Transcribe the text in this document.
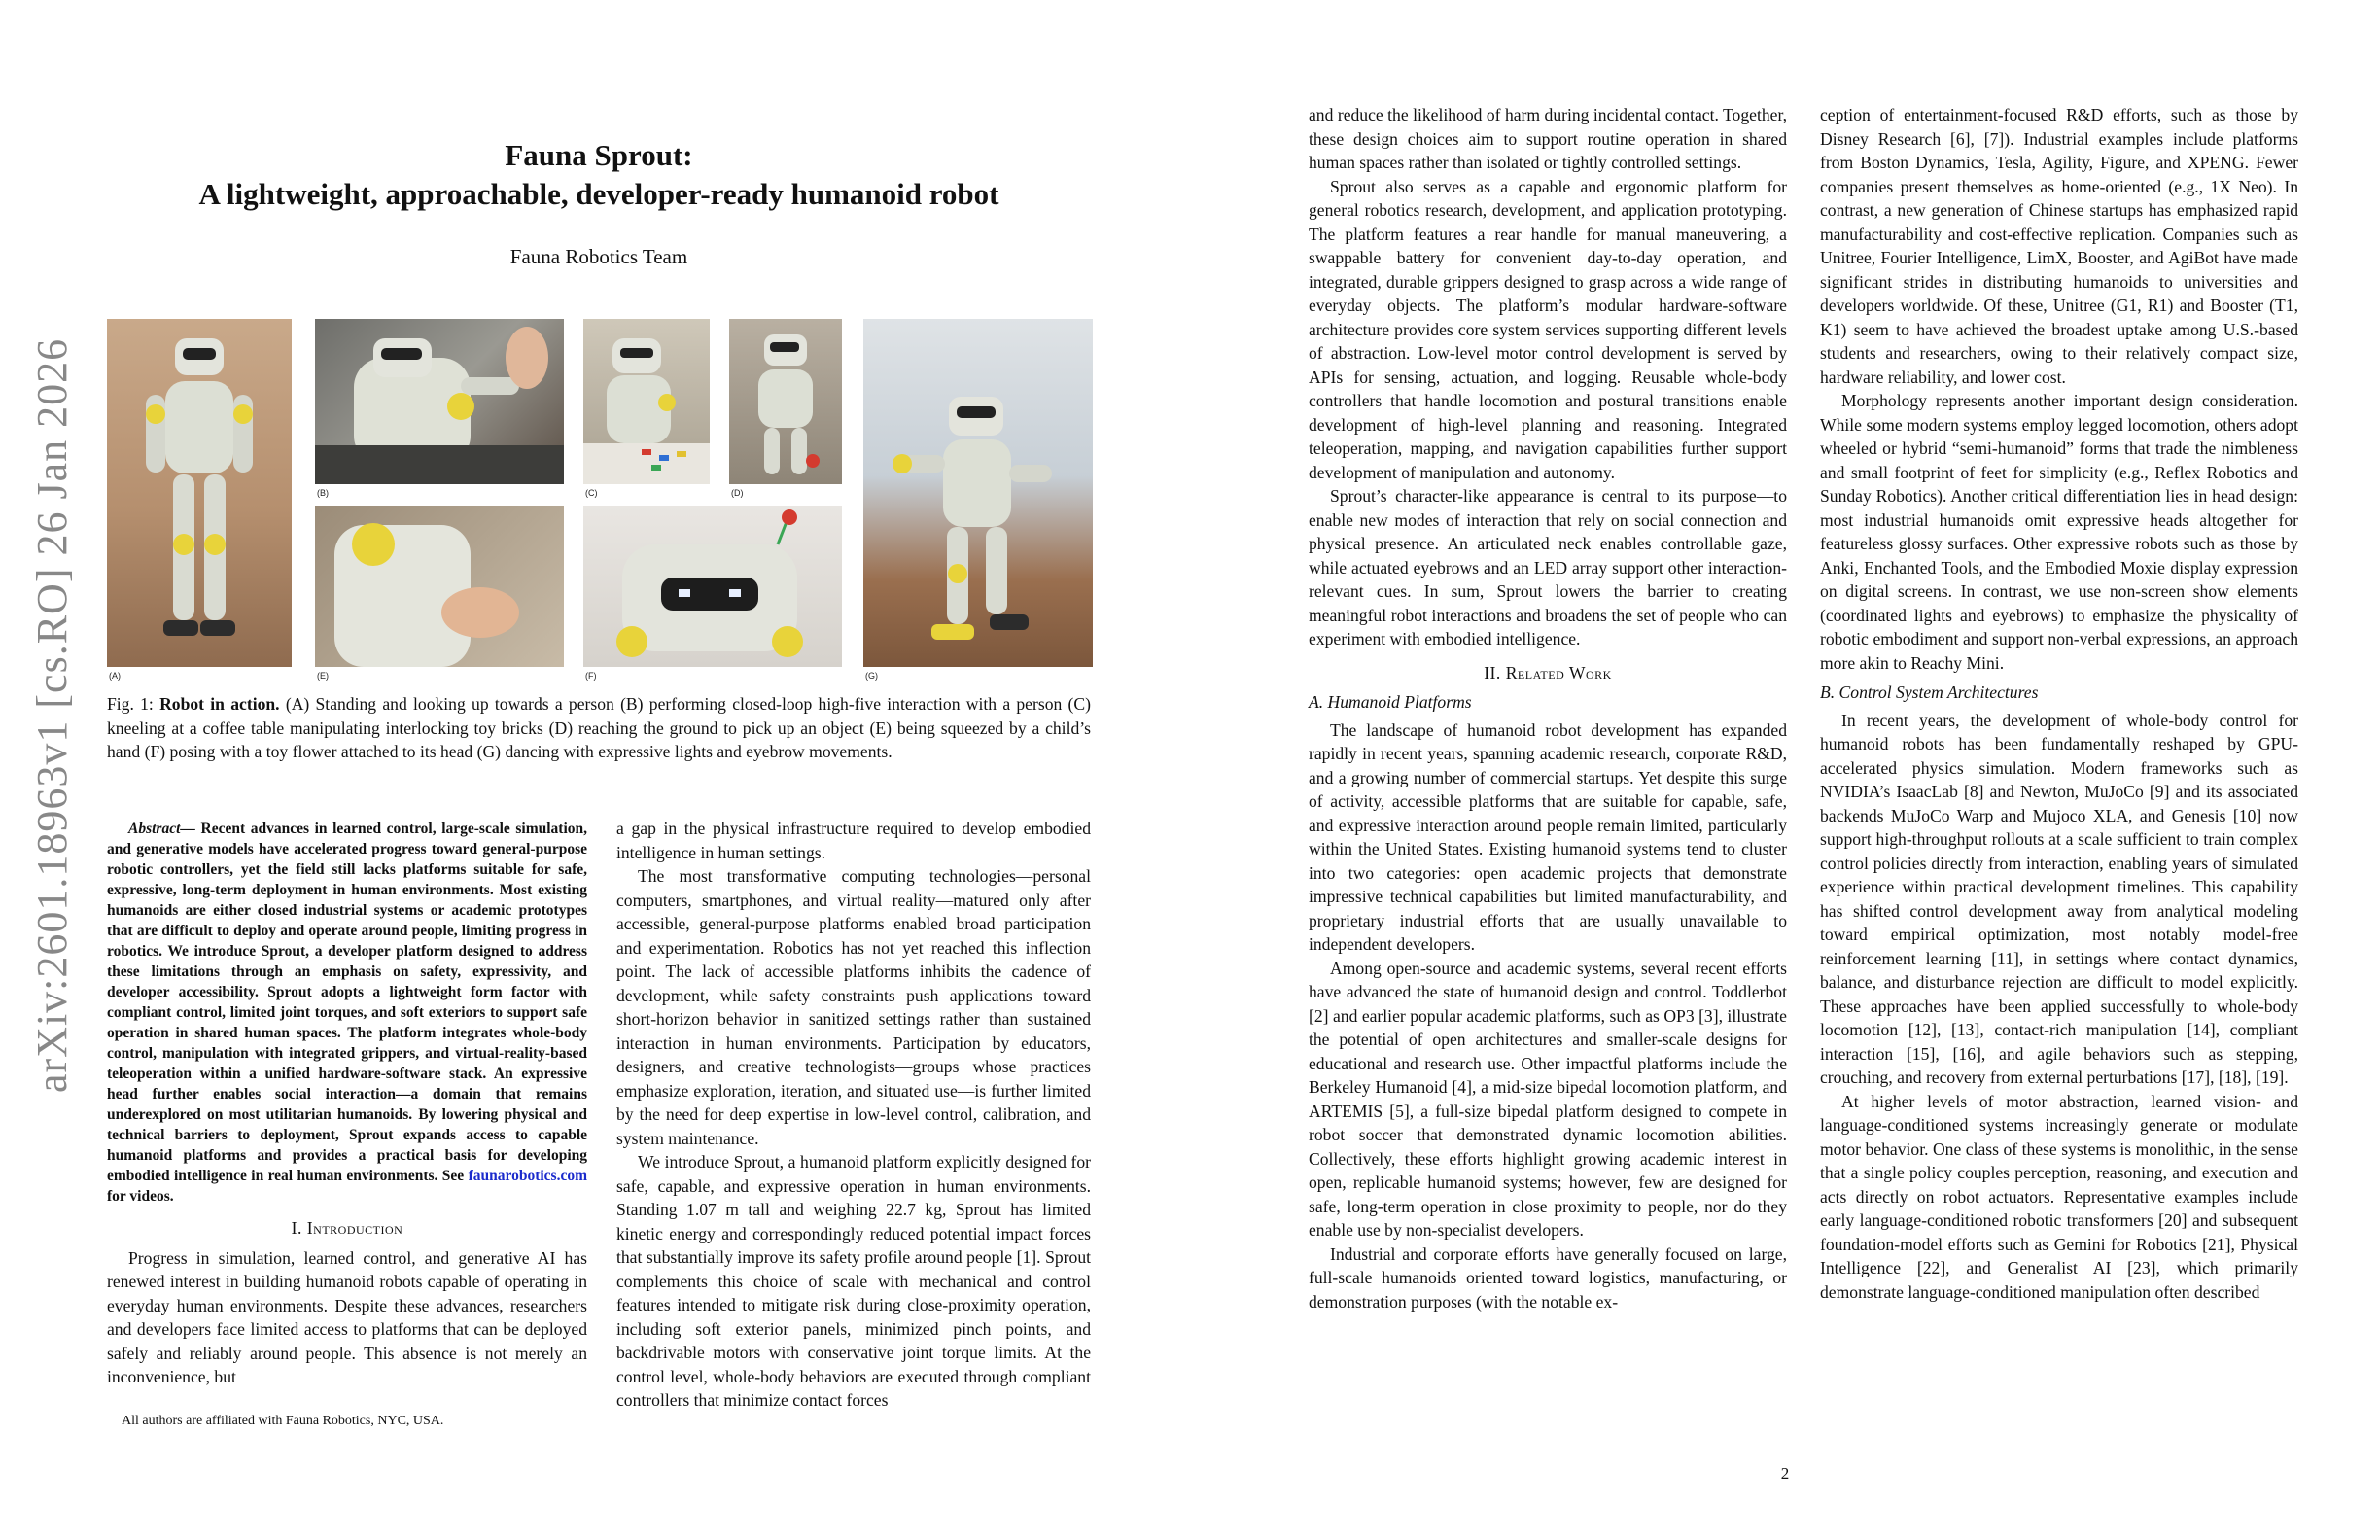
arXiv:2601.18963v1 [cs.RO] 26 Jan 2026
Fauna Sprout:
A lightweight, approachable, developer-ready humanoid robot
Fauna Robotics Team
(A)
(B)	(C)	(D)
(E)	(F)	(G)
Fig. 1: Robot in action. (A) Standing and looking up towards a person (B) performing closed-loop high-five interaction with a person (C) kneeling at a coffee table manipulating interlocking toy bricks (D) reaching the ground to pick up an object (E) being squeezed by a child’s hand (F) posing with a toy flower attached to its head (G) dancing with expressive lights and eyebrow movements.

Abstract— Recent advances in learned control, large-scale simulation, and generative models have accelerated progress toward general-purpose robotic controllers, yet the field still lacks platforms suitable for safe, expressive, long-term deployment in human environments. Most existing humanoids are either closed industrial systems or academic prototypes that are difficult to deploy and operate around people, limiting progress in robotics. We introduce Sprout, a developer platform designed to address these limitations through an emphasis on safety, expressivity, and developer accessibility. Sprout adopts a lightweight form factor with compliant control, limited joint torques, and soft exteriors to support safe operation in shared human spaces. The platform integrates whole-body control, manipulation with integrated grippers, and virtual-reality-based teleoperation within a unified hardware-software stack. An expressive head further enables social interaction—a domain that remains underexplored on most utilitarian humanoids. By lowering physical and technical barriers to deployment, Sprout expands access to capable humanoid platforms and provides a practical basis for developing embodied intelligence in real human environments. See faunarobotics.com for videos.

I. Introduction

Progress in simulation, learned control, and generative AI has renewed interest in building humanoid robots capable of operating in everyday human environments. Despite these advances, researchers and developers face limited access to platforms that can be deployed safely and reliably around people. This absence is not merely an inconvenience, but

All authors are affiliated with Fauna Robotics, NYC, USA.

a gap in the physical infrastructure required to develop embodied intelligence in human settings.

The most transformative computing technologies—personal computers, smartphones, and virtual reality—matured only after accessible, general-purpose platforms enabled broad participation and experimentation. Robotics has not yet reached this inflection point. The lack of accessible platforms inhibits the cadence of development, while safety constraints push applications toward short-horizon behavior in sanitized settings rather than sustained interaction in human environments. Participation by educators, designers, and creative technologists—groups whose practices emphasize exploration, iteration, and situated use—is further limited by the need for deep expertise in low-level control, calibration, and system maintenance.

We introduce Sprout, a humanoid platform explicitly designed for safe, capable, and expressive operation in human environments. Standing 1.07 m tall and weighing 22.7 kg, Sprout has limited kinetic energy and correspondingly reduced potential impact forces that substantially improve its safety profile around people [1]. Sprout complements this choice of scale with mechanical and control features intended to mitigate risk during close-proximity operation, including soft exterior panels, minimized pinch points, and backdrivable motors with conservative joint torque limits. At the control level, whole-body behaviors are executed through compliant controllers that minimize contact forces

and reduce the likelihood of harm during incidental contact. Together, these design choices aim to support routine operation in shared human spaces rather than isolated or tightly controlled settings.

Sprout also serves as a capable and ergonomic platform for general robotics research, development, and application prototyping. The platform features a rear handle for manual maneuvering, a swappable battery for convenient day-to-day operation, and integrated, durable grippers designed to grasp across a wide range of everyday objects. The platform’s modular hardware-software architecture provides core system services supporting different levels of abstraction. Low-level motor control development is served by APIs for sensing, actuation, and logging. Reusable whole-body controllers that handle locomotion and postural transitions enable development of high-level planning and reasoning. Integrated teleoperation, mapping, and navigation capabilities further support development of manipulation and autonomy.

Sprout’s character-like appearance is central to its purpose—to enable new modes of interaction that rely on social connection and physical presence. An articulated neck enables controllable gaze, while actuated eyebrows and an LED array support other interaction-relevant cues. In sum, Sprout lowers the barrier to creating meaningful robot interactions and broadens the set of people who can experiment with embodied intelligence.

II. Related Work
A. Humanoid Platforms

The landscape of humanoid robot development has expanded rapidly in recent years, spanning academic research, corporate R&D, and a growing number of commercial startups. Yet despite this surge of activity, accessible platforms that are suitable for capable, safe, and expressive interaction around people remain limited, particularly within the United States. Existing humanoid systems tend to cluster into two categories: open academic projects that demonstrate impressive technical capabilities but limited manufacturability, and proprietary industrial efforts that are usually unavailable to independent developers.

Among open-source and academic systems, several recent efforts have advanced the state of humanoid design and control. Toddlerbot [2] and earlier popular academic platforms, such as OP3 [3], illustrate the potential of open architectures and smaller-scale designs for educational and research use. Other impactful platforms include the Berkeley Humanoid [4], a mid-size bipedal locomotion platform, and ARTEMIS [5], a full-size bipedal platform designed to compete in robot soccer that demonstrated dynamic locomotion abilities. Collectively, these efforts highlight growing academic interest in open, replicable humanoid systems; however, few are designed for safe, long-term operation in close proximity to people, nor do they enable use by non-specialist developers.

Industrial and corporate efforts have generally focused on large, full-scale humanoids oriented toward logistics, manufacturing, or demonstration purposes (with the notable ex-

ception of entertainment-focused R&D efforts, such as those by Disney Research [6], [7]). Industrial examples include platforms from Boston Dynamics, Tesla, Agility, Figure, and XPENG. Fewer companies present themselves as home-oriented (e.g., 1X Neo). In contrast, a new generation of Chinese startups has emphasized rapid manufacturability and cost-effective replication. Companies such as Unitree, Fourier Intelligence, LimX, Booster, and AgiBot have made significant strides in distributing humanoids to universities and developers worldwide. Of these, Unitree (G1, R1) and Booster (T1, K1) seem to have achieved the broadest uptake among U.S.-based students and researchers, owing to their relatively compact size, hardware reliability, and lower cost.

Morphology represents another important design consideration. While some modern systems employ legged locomotion, others adopt wheeled or hybrid “semi-humanoid” forms that trade the nimbleness and small footprint of feet for simplicity (e.g., Reflex Robotics and Sunday Robotics). Another critical differentiation lies in head design: most industrial humanoids omit expressive heads altogether for featureless glossy surfaces. Other expressive robots such as those by Anki, Enchanted Tools, and the Embodied Moxie display expression on digital screens. In contrast, we use non-screen show elements (coordinated lights and eyebrows) to emphasize the physicality of robotic embodiment and support non-verbal expressions, an approach more akin to Reachy Mini.

B. Control System Architectures

In recent years, the development of whole-body control for humanoid robots has been fundamentally reshaped by GPU-accelerated physics simulation. Modern frameworks such as NVIDIA’s IsaacLab [8] and Newton, MuJoCo [9] and its associated backends MuJoCo Warp and Mujoco XLA, and Genesis [10] now support high-throughput rollouts at a scale sufficient to train complex control policies directly from interaction, enabling years of simulated experience within practical development timelines. This capability has shifted control development away from analytical modeling toward empirical optimization, most notably model-free reinforcement learning [11], in settings where contact dynamics, balance, and disturbance rejection are difficult to model explicitly. These approaches have been applied successfully to whole-body locomotion [12], [13], contact-rich manipulation [14], compliant interaction [15], [16], and agile behaviors such as stepping, crouching, and recovery from external perturbations [17], [18], [19].

At higher levels of motor abstraction, learned vision- and language-conditioned systems increasingly generate or modulate motor behavior. One class of these systems is monolithic, in the sense that a single policy couples perception, reasoning, and execution and acts directly on robot actuators. Representative examples include early language-conditioned robotic transformers [20] and subsequent foundation-model efforts such as Gemini for Robotics [21], Physical Intelligence [22], and Generalist AI [23], which primarily demonstrate language-conditioned manipulation often described

2
